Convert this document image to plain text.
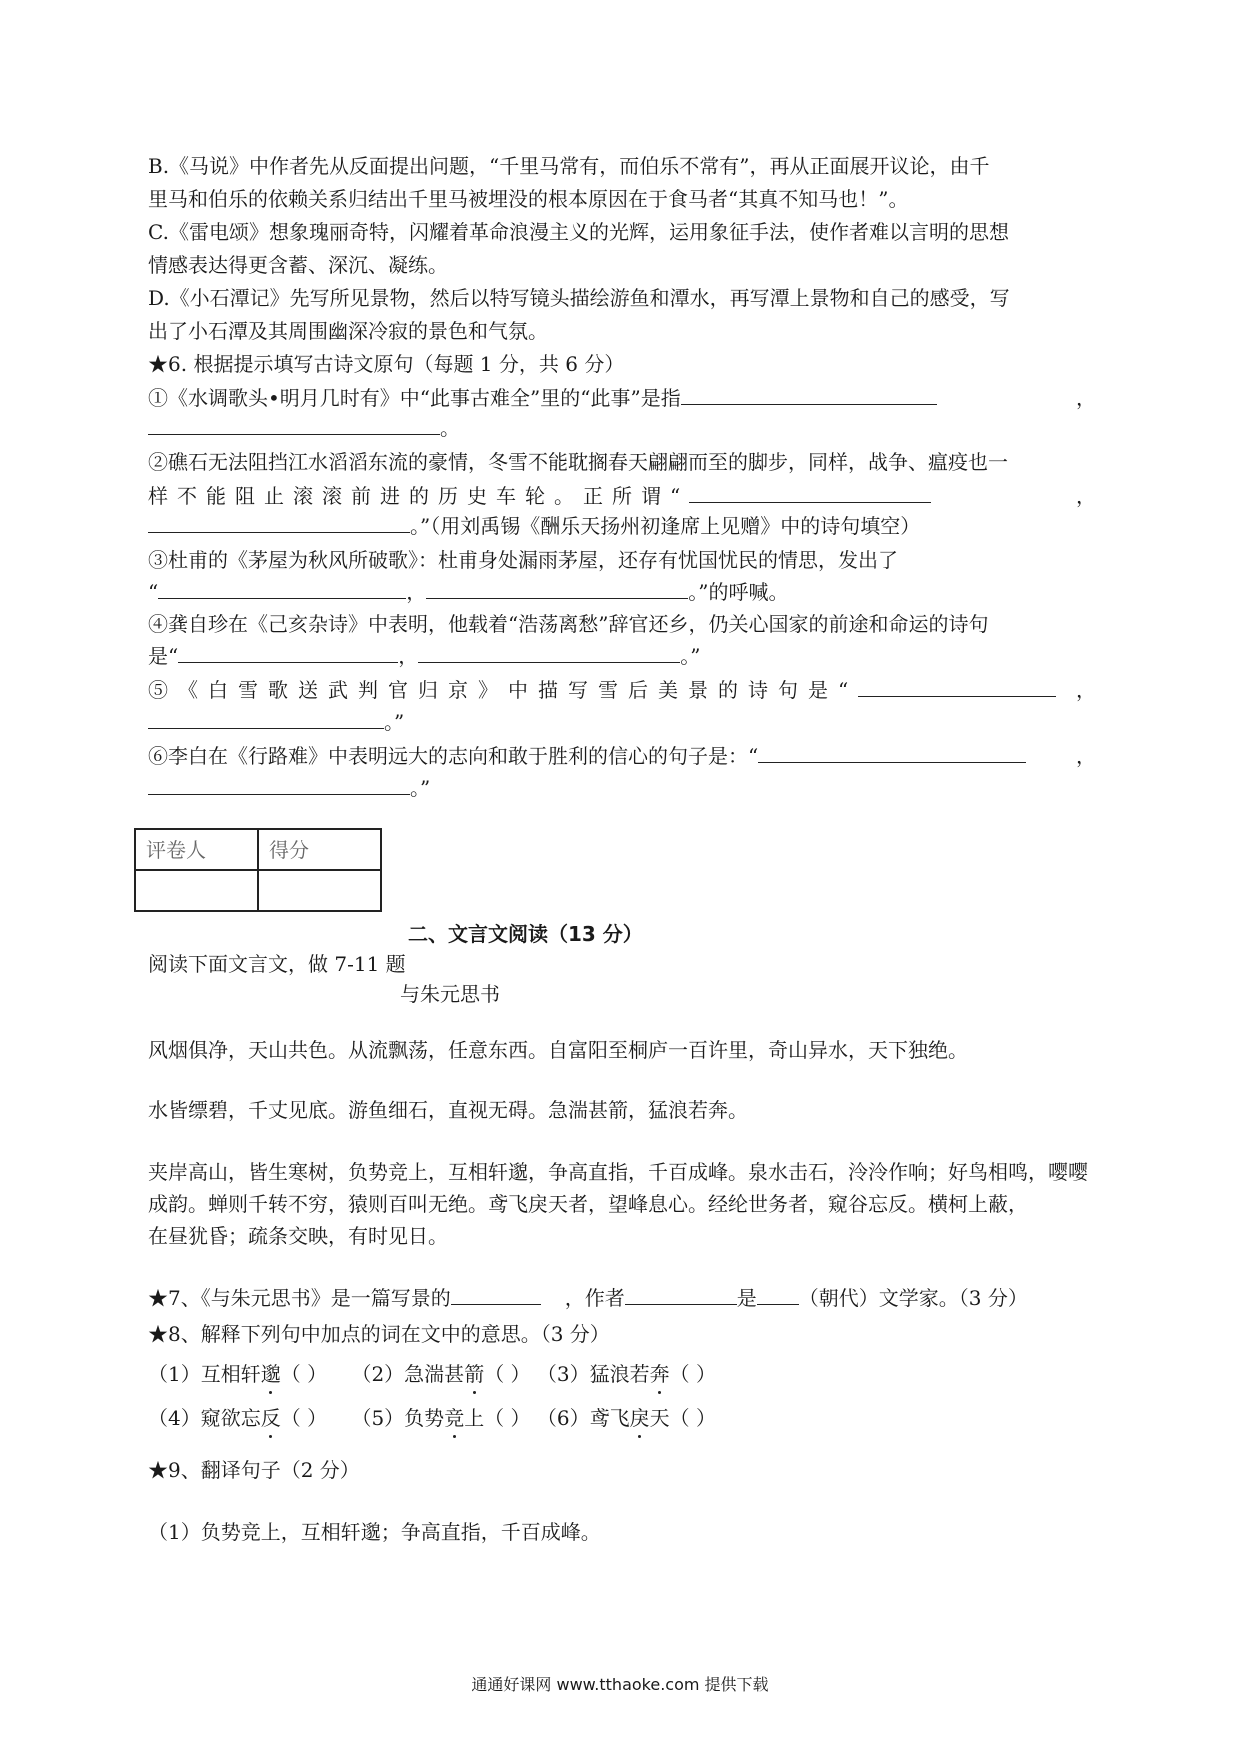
B.《马说》中作者先从反面提出问题，“千里马常有，而伯乐不常有”，再从正面展开议论，由千
里马和伯乐的依赖关系归结出千里马被埋没的根本原因在于食马者“其真不知马也！”。
C.《雷电颂》想象瑰丽奇特，闪耀着革命浪漫主义的光辉，运用象征手法，使作者难以言明的思想
情感表达得更含蓄、深沉、凝练。
D.《小石潭记》先写所见景物，然后以特写镜头描绘游鱼和潭水，再写潭上景物和自己的感受，写
出了小石潭及其周围幽深冷寂的景色和气氛。
★6. 根据提示填写古诗文原句（每题 1 分，共 6 分）
①《水调歌头•明月几时有》中“此事古难全”里的“此事”是指	，
。
②礁石无法阻挡江水滔滔东流的豪情，冬雪不能耽搁春天翩翩而至的脚步，同样，战争、瘟疫也一
样不能阻止滚滚前进的历史车轮。正所谓“	，
。”（用刘禹锡《酬乐天扬州初逢席上见赠》中的诗句填空）
③杜甫的《茅屋为秋风所破歌》：杜甫身处漏雨茅屋，还存有忧国忧民的情思，发出了
“	，	。”的呼喊。
④龚自珍在《己亥杂诗》中表明，他载着“浩荡离愁”辞官还乡，仍关心国家的前途和命运的诗句
是“	，	。”
⑤《白雪歌送武判官归京》中描写雪后美景的诗句是“	，
。”
⑥李白在《行路难》中表明远大的志向和敢于胜利的信心的句子是：“	，
。”
评卷人	得分

二、文言文阅读（13 分）
阅读下面文言文，做 7-11 题
与朱元思书
风烟俱净，天山共色。从流飘荡，任意东西。自富阳至桐庐一百许里，奇山异水，天下独绝。
水皆缥碧，千丈见底。游鱼细石，直视无碍。急湍甚箭，猛浪若奔。
夹岸高山，皆生寒树，负势竞上，互相轩邈，争高直指，千百成峰。泉水击石，泠泠作响；好鸟相鸣，嘤嘤
成韵。蝉则千转不穷，猿则百叫无绝。鸢飞戾天者，望峰息心。经纶世务者，窥谷忘反。横柯上蔽，
在昼犹昏；疏条交映，有时见日。
★7、《与朱元思书》是一篇写景的	，作者	是 （朝代）文学家。（3 分）
★8、解释下列句中加点的词在文中的意思。（3 分）
（1）互相轩邈（ ） （2）急湍甚箭（ ） （3）猛浪若奔（ ）
（4）窥欲忘反（ ） （5）负势竞上（ ） （6）鸢飞戾天（ ）
★9、翻译句子（2 分）
（1）负势竞上，互相轩邈；争高直指，千百成峰。
通通好课网 www.tthaoke.com 提供下载
